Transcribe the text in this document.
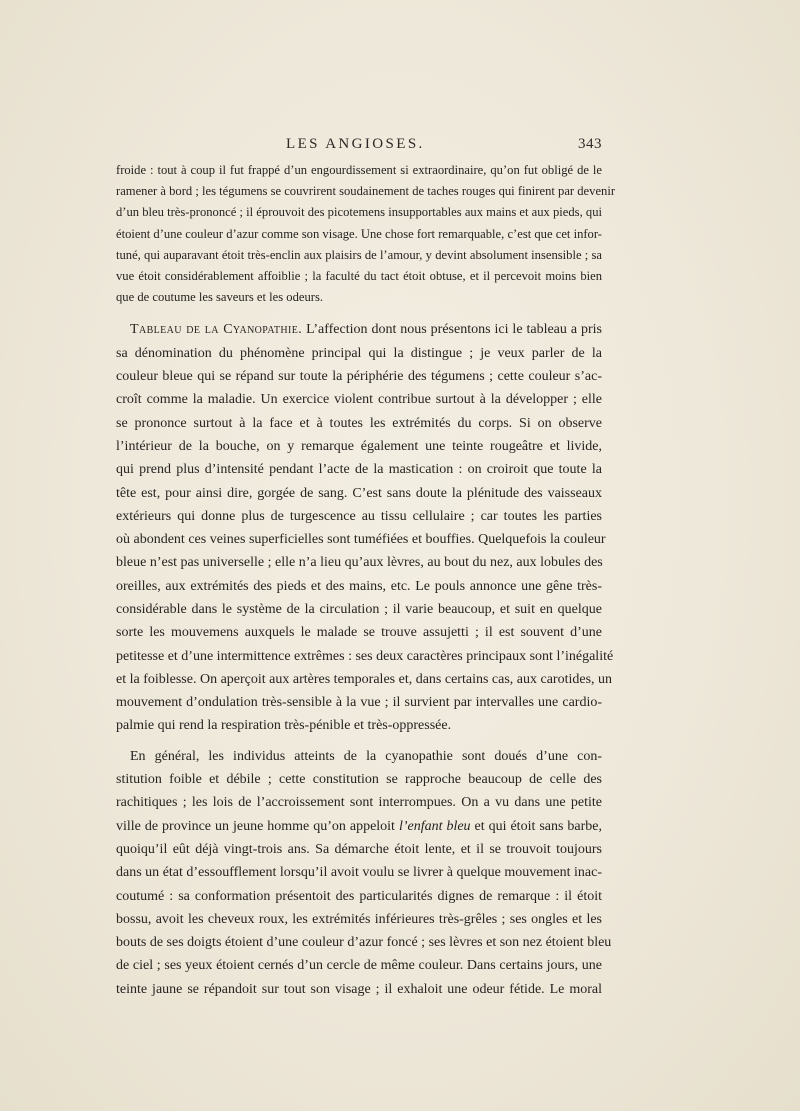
LES ANGIOSES.	343

froide : tout à coup il fut frappé d’un engourdissement si extraordinaire, qu’on fut obligé de le
ramener à bord ; les tégumens se couvrirent soudainement de taches rouges qui finirent par devenir
d’un bleu très-prononcé ; il éprouvoit des picotemens insupportables aux mains et aux pieds, qui
étoient d’une couleur d’azur comme son visage. Une chose fort remarquable, c’est que cet infor-
tuné, qui auparavant étoit très-enclin aux plaisirs de l’amour, y devint absolument insensible ; sa
vue étoit considérablement affoiblie ; la faculté du tact étoit obtuse, et il percevoit moins bien
que de coutume les saveurs et les odeurs.

Tableau de la Cyanopathie. L’affection dont nous présentons ici le tableau a pris
sa dénomination du phénomène principal qui la distingue ; je veux parler de la
couleur bleue qui se répand sur toute la périphérie des tégumens ; cette couleur s’ac-
croît comme la maladie. Un exercice violent contribue surtout à la développer ; elle
se prononce surtout à la face et à toutes les extrémités du corps. Si on observe
l’intérieur de la bouche, on y remarque également une teinte rougeâtre et livide,
qui prend plus d’intensité pendant l’acte de la mastication : on croiroit que toute la
tête est, pour ainsi dire, gorgée de sang. C’est sans doute la plénitude des vaisseaux
extérieurs qui donne plus de turgescence au tissu cellulaire ; car toutes les parties
où abondent ces veines superficielles sont tuméfiées et bouffies. Quelquefois la couleur
bleue n’est pas universelle ; elle n’a lieu qu’aux lèvres, au bout du nez, aux lobules des
oreilles, aux extrémités des pieds et des mains, etc. Le pouls annonce une gêne très-
considérable dans le système de la circulation ; il varie beaucoup, et suit en quelque
sorte les mouvemens auxquels le malade se trouve assujetti ; il est souvent d’une
petitesse et d’une intermittence extrêmes : ses deux caractères principaux sont l’inégalité
et la foiblesse. On aperçoit aux artères temporales et, dans certains cas, aux carotides, un
mouvement d’ondulation très-sensible à la vue ; il survient par intervalles une cardio-
palmie qui rend la respiration très-pénible et très-oppressée.

En général, les individus atteints de la cyanopathie sont doués d’une con-
stitution foible et débile ; cette constitution se rapproche beaucoup de celle des
rachitiques ; les lois de l’accroissement sont interrompues. On a vu dans une petite
ville de province un jeune homme qu’on appeloit l’enfant bleu et qui étoit sans barbe,
quoiqu’il eût déjà vingt-trois ans. Sa démarche étoit lente, et il se trouvoit toujours
dans un état d’essoufflement lorsqu’il avoit voulu se livrer à quelque mouvement inac-
coutumé : sa conformation présentoit des particularités dignes de remarque : il étoit
bossu, avoit les cheveux roux, les extrémités inférieures très-grêles ; ses ongles et les
bouts de ses doigts étoient d’une couleur d’azur foncé ; ses lèvres et son nez étoient bleu
de ciel ; ses yeux étoient cernés d’un cercle de même couleur. Dans certains jours, une
teinte jaune se répandoit sur tout son visage ; il exhaloit une odeur fétide. Le moral
